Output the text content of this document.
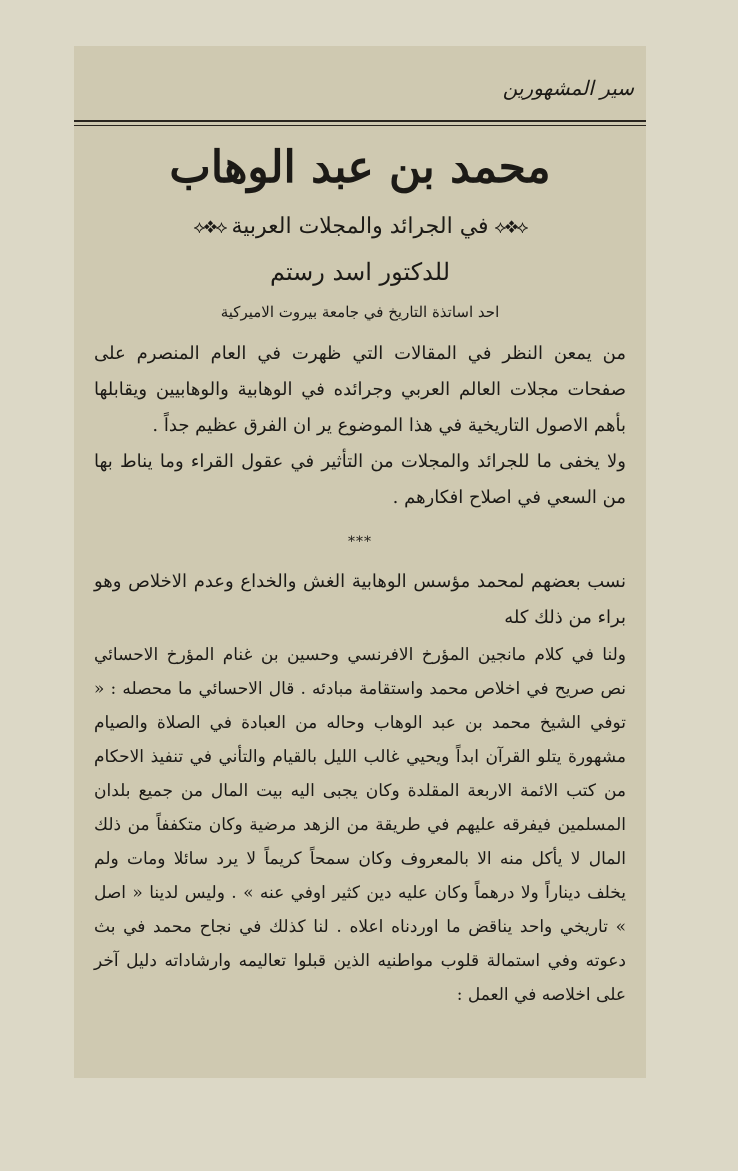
سير المشهورين
محمد بن عبد الوهاب
⟡❖⟡في الجرائد والمجلات العربية⟡❖⟡
للدكتور اسد رستم
احد اساتذة التاريخ في جامعة بيروت الاميركية
من يمعن النظر في المقالات التي ظهرت في العام المنصرم على صفحات مجلات العالم العربي وجرائده في الوهابية والوهابيين ويقابلها بأهم الاصول التاريخية في هذا الموضوع ير ان الفرق عظيم جداً .
ولا يخفى ما للجرائد والمجلات من التأثير في عقول القراء وما يناط بها من السعي في اصلاح افكارهم .
***
نسب بعضهم لمحمد مؤسس الوهابية الغش والخداع وعدم الاخلاص وهو براء من ذلك كله
ولنا في كلام مانجين المؤرخ الافرنسي وحسين بن غنام المؤرخ الاحسائي نص صريح في اخلاص محمد واستقامة مبادئه . قال الاحسائي ما محصله : « توفي الشيخ محمد بن عبد الوهاب وحاله من العبادة في الصلاة والصيام مشهورة يتلو القرآن ابداً ويحيي غالب الليل بالقيام والتأني في تنفيذ الاحكام من كتب الائمة الاربعة المقلدة وكان يجبى اليه بيت المال من جميع بلدان المسلمين فيفرقه عليهم في طريقة من الزهد مرضية وكان متكففاً من ذلك المال لا يأكل منه الا بالمعروف وكان سمحاً كريماً لا يرد سائلا ومات ولم يخلف ديناراً ولا درهماً وكان عليه دين كثير اوفي عنه » . وليس لدينا « اصل » تاريخي واحد يناقض ما اوردناه اعلاه . لنا كذلك في نجاح محمد في بث دعوته وفي استمالة قلوب مواطنيه الذين قبلوا تعاليمه وارشاداته دليل آخر على اخلاصه في العمل :
